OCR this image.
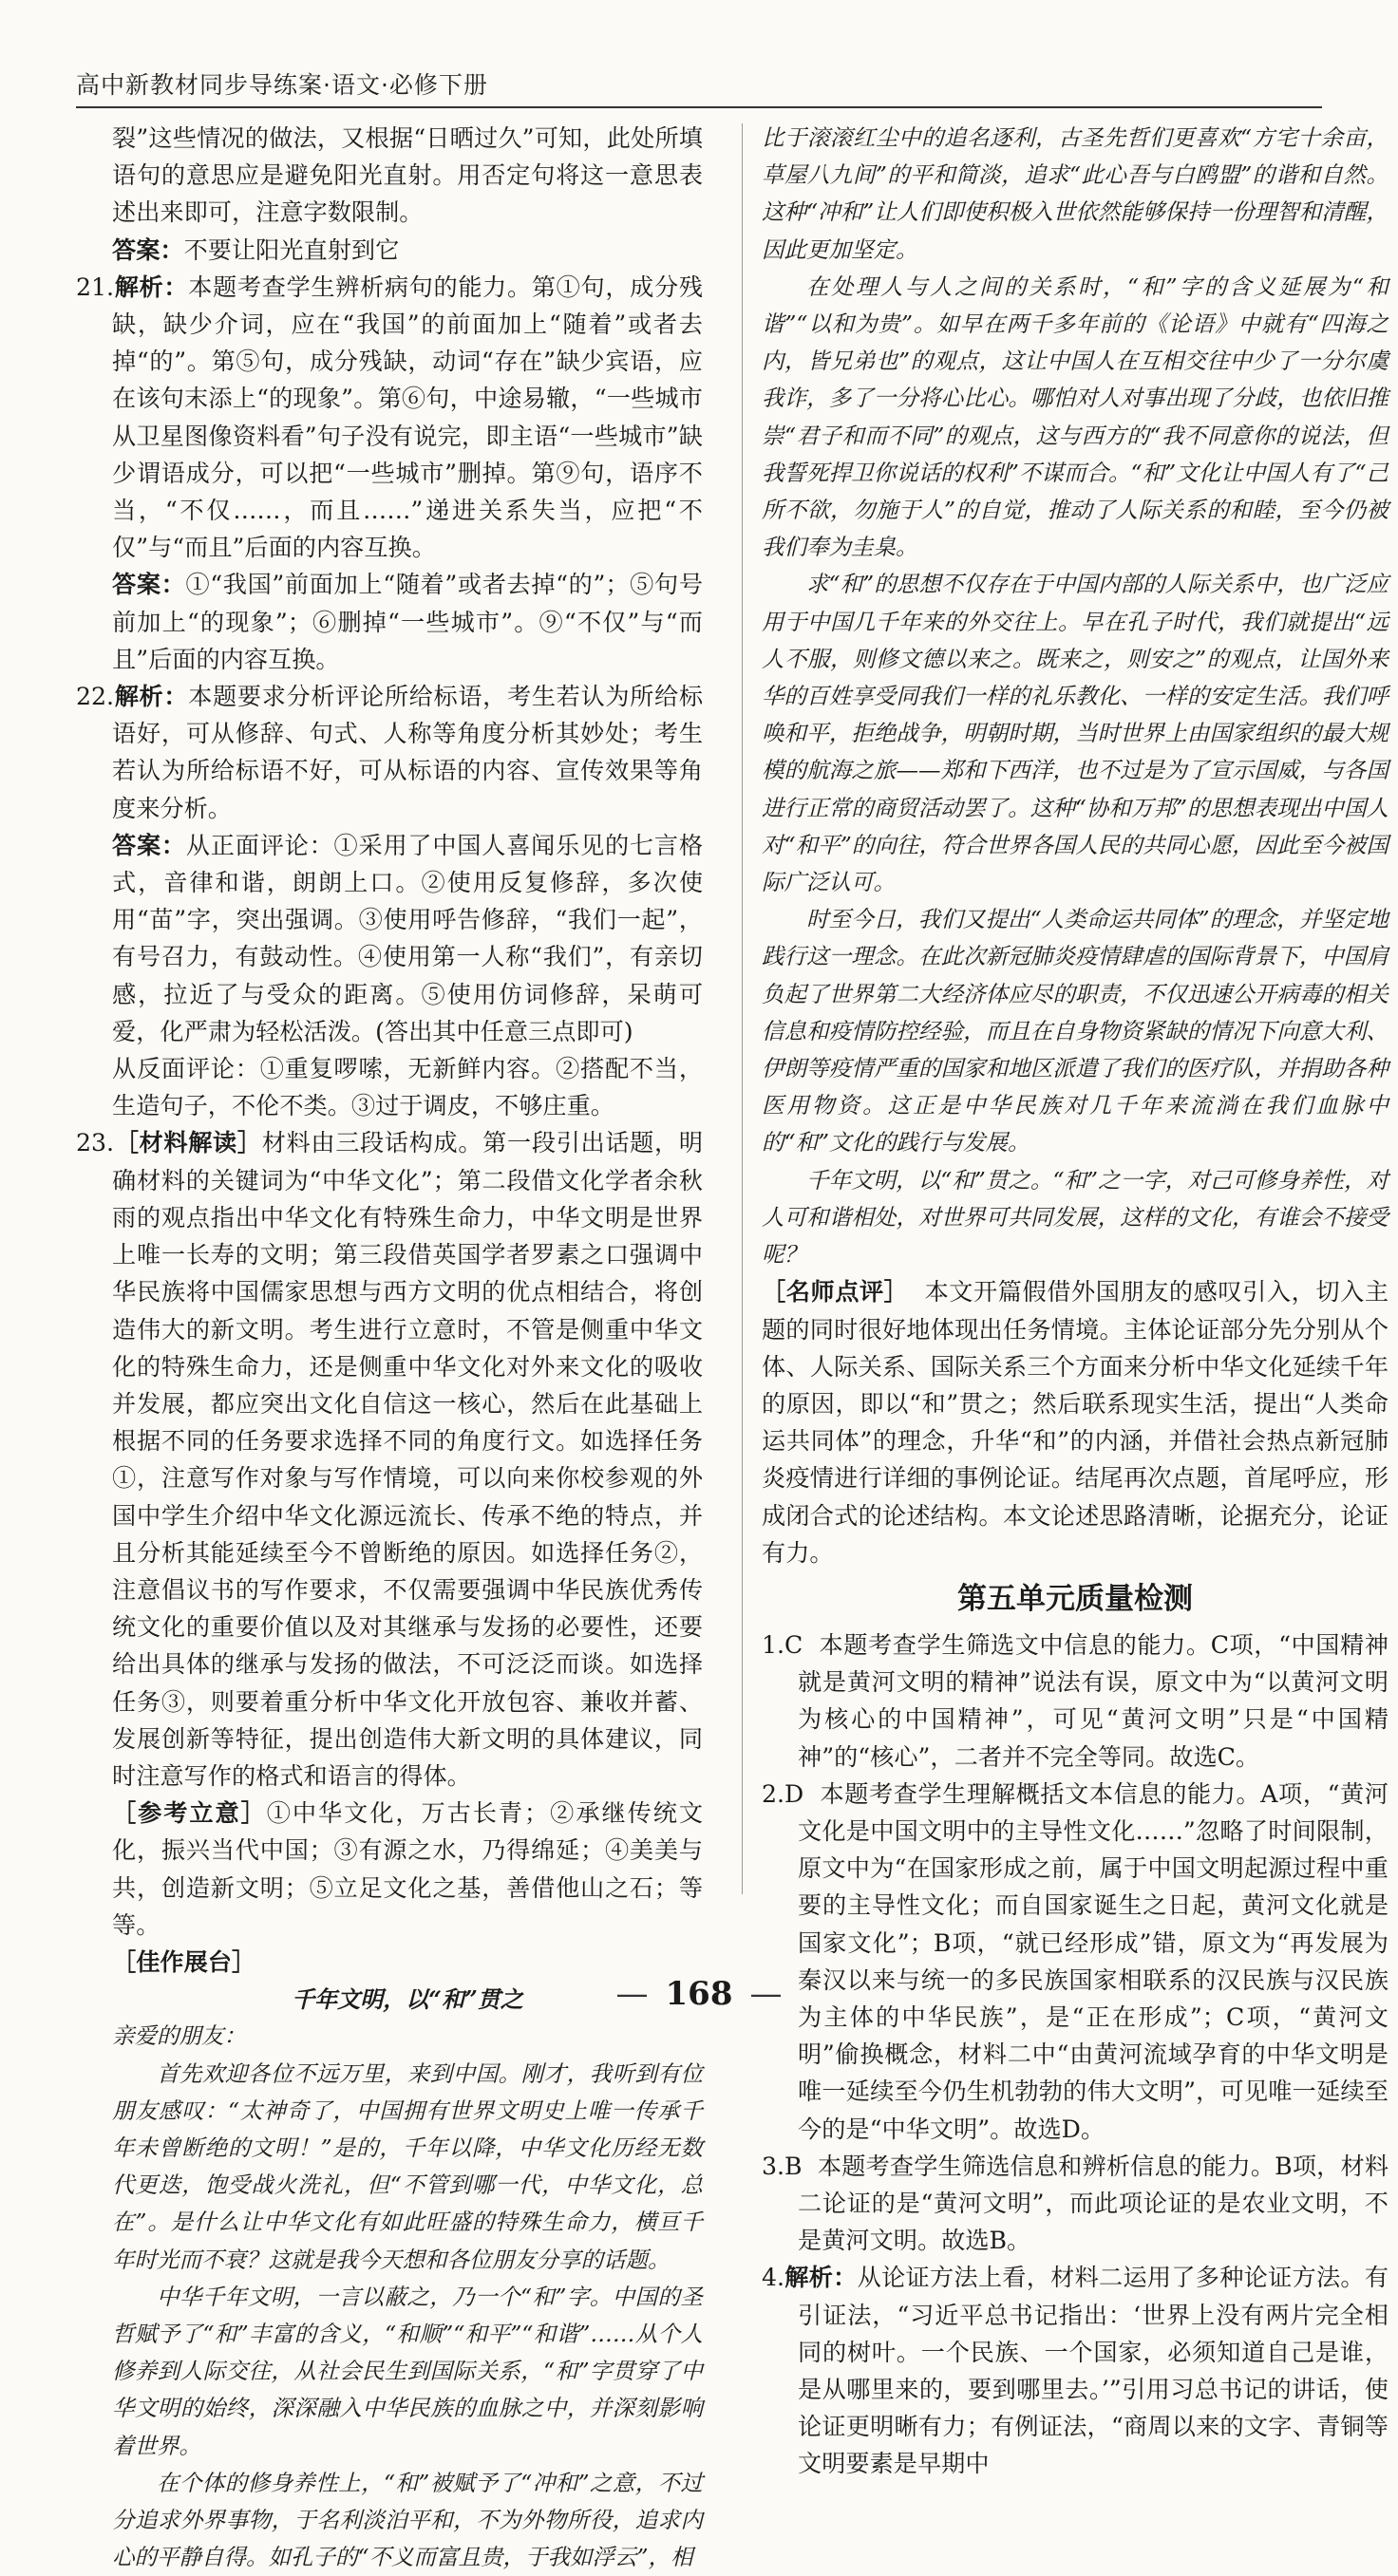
高中新教材同步导练案·语文·必修下册

裂”这些情况的做法，又根据“日晒过久”可知，此处所填语句的意思应是避免阳光直射。用否定句将这一意思表述出来即可，注意字数限制。

答案：不要让阳光直射到它

21.解析：本题考查学生辨析病句的能力。第①句，成分残缺，缺少介词，应在“我国”的前面加上“随着”或者去掉“的”。第⑤句，成分残缺，动词“存在”缺少宾语，应在该句末添上“的现象”。第⑥句，中途易辙，“一些城市从卫星图像资料看”句子没有说完，即主语“一些城市”缺少谓语成分，可以把“一些城市”删掉。第⑨句，语序不当，“不仅……，而且……”递进关系失当，应把“不仅”与“而且”后面的内容互换。

答案：①“我国”前面加上“随着”或者去掉“的”；⑤句号前加上“的现象”；⑥删掉“一些城市”。⑨“不仅”与“而且”后面的内容互换。

22.解析：本题要求分析评论所给标语，考生若认为所给标语好，可从修辞、句式、人称等角度分析其妙处；考生若认为所给标语不好，可从标语的内容、宣传效果等角度来分析。

答案：从正面评论：①采用了中国人喜闻乐见的七言格式，音律和谐，朗朗上口。②使用反复修辞，多次使用“苗”字，突出强调。③使用呼告修辞，“我们一起”，有号召力，有鼓动性。④使用第一人称“我们”，有亲切感，拉近了与受众的距离。⑤使用仿词修辞，呆萌可爱，化严肃为轻松活泼。(答出其中任意三点即可)

从反面评论：①重复啰嗦，无新鲜内容。②搭配不当，生造句子，不伦不类。③过于调皮，不够庄重。

23.［材料解读］材料由三段话构成。第一段引出话题，明确材料的关键词为“中华文化”；第二段借文化学者余秋雨的观点指出中华文化有特殊生命力，中华文明是世界上唯一长寿的文明；第三段借英国学者罗素之口强调中华民族将中国儒家思想与西方文明的优点相结合，将创造伟大的新文明。考生进行立意时，不管是侧重中华文化的特殊生命力，还是侧重中华文化对外来文化的吸收并发展，都应突出文化自信这一核心，然后在此基础上根据不同的任务要求选择不同的角度行文。如选择任务①，注意写作对象与写作情境，可以向来你校参观的外国中学生介绍中华文化源远流长、传承不绝的特点，并且分析其能延续至今不曾断绝的原因。如选择任务②，注意倡议书的写作要求，不仅需要强调中华民族优秀传统文化的重要价值以及对其继承与发扬的必要性，还要给出具体的继承与发扬的做法，不可泛泛而谈。如选择任务③，则要着重分析中华文化开放包容、兼收并蓄、发展创新等特征，提出创造伟大新文明的具体建议，同时注意写作的格式和语言的得体。

［参考立意］①中华文化，万古长青；②承继传统文化，振兴当代中国；③有源之水，乃得绵延；④美美与共，创造新文明；⑤立足文化之基，善借他山之石；等等。

［佳作展台］

千年文明，以“和”贯之

亲爱的朋友：

首先欢迎各位不远万里，来到中国。刚才，我听到有位朋友感叹：“太神奇了，中国拥有世界文明史上唯一传承千年未曾断绝的文明！”是的，千年以降，中华文化历经无数代更迭，饱受战火洗礼，但“不管到哪一代，中华文化，总在”。是什么让中华文化有如此旺盛的特殊生命力，横亘千年时光而不衰？这就是我今天想和各位朋友分享的话题。

中华千年文明，一言以蔽之，乃一个“和”字。中国的圣哲赋予了“和”丰富的含义，“和顺”“和平”“和谐”……从个人修养到人际交往，从社会民生到国际关系，“和”字贯穿了中华文明的始终，深深融入中华民族的血脉之中，并深刻影响着世界。

在个体的修身养性上，“和”被赋予了“冲和”之意，不过分追求外界事物，于名利淡泊平和，不为外物所役，追求内心的平静自得。如孔子的“不义而富且贵，于我如浮云”，相

比于滚滚红尘中的追名逐利，古圣先哲们更喜欢“方宅十余亩，草屋八九间”的平和简淡，追求“此心吾与白鸥盟”的谐和自然。这种“冲和”让人们即使积极入世依然能够保持一份理智和清醒，因此更加坚定。

在处理人与人之间的关系时，“和”字的含义延展为“和谐”“以和为贵”。如早在两千多年前的《论语》中就有“四海之内，皆兄弟也”的观点，这让中国人在互相交往中少了一分尔虞我诈，多了一分将心比心。哪怕对人对事出现了分歧，也依旧推崇“君子和而不同”的观点，这与西方的“我不同意你的说法，但我誓死捍卫你说话的权利”不谋而合。“和”文化让中国人有了“己所不欲，勿施于人”的自觉，推动了人际关系的和睦，至今仍被我们奉为圭臬。

求“和”的思想不仅存在于中国内部的人际关系中，也广泛应用于中国几千年来的外交往上。早在孔子时代，我们就提出“远人不服，则修文德以来之。既来之，则安之”的观点，让国外来华的百姓享受同我们一样的礼乐教化、一样的安定生活。我们呼唤和平，拒绝战争，明朝时期，当时世界上由国家组织的最大规模的航海之旅——郑和下西洋，也不过是为了宣示国威，与各国进行正常的商贸活动罢了。这种“协和万邦”的思想表现出中国人对“和平”的向往，符合世界各国人民的共同心愿，因此至今被国际广泛认可。

时至今日，我们又提出“人类命运共同体”的理念，并坚定地践行这一理念。在此次新冠肺炎疫情肆虐的国际背景下，中国肩负起了世界第二大经济体应尽的职责，不仅迅速公开病毒的相关信息和疫情防控经验，而且在自身物资紧缺的情况下向意大利、伊朗等疫情严重的国家和地区派遣了我们的医疗队，并捐助各种医用物资。这正是中华民族对几千年来流淌在我们血脉中的“和”文化的践行与发展。

千年文明，以“和”贯之。“和”之一字，对己可修身养性，对人可和谐相处，对世界可共同发展，这样的文化，有谁会不接受呢？

［名师点评］ 本文开篇假借外国朋友的感叹引入，切入主题的同时很好地体现出任务情境。主体论证部分先分别从个体、人际关系、国际关系三个方面来分析中华文化延续千年的原因，即以“和”贯之；然后联系现实生活，提出“人类命运共同体”的理念，升华“和”的内涵，并借社会热点新冠肺炎疫情进行详细的事例论证。结尾再次点题，首尾呼应，形成闭合式的论述结构。本文论述思路清晰，论据充分，论证有力。

第五单元质量检测

1.C 本题考查学生筛选文中信息的能力。C项，“中国精神就是黄河文明的精神”说法有误，原文中为“以黄河文明为核心的中国精神”，可见“黄河文明”只是“中国精神”的“核心”，二者并不完全等同。故选C。

2.D 本题考查学生理解概括文本信息的能力。A项，“黄河文化是中国文明中的主导性文化……”忽略了时间限制，原文中为“在国家形成之前，属于中国文明起源过程中重要的主导性文化；而自国家诞生之日起，黄河文化就是国家文化”；B项，“就已经形成”错，原文为“再发展为秦汉以来与统一的多民族国家相联系的汉民族与汉民族为主体的中华民族”，是“正在形成”；C项，“黄河文明”偷换概念，材料二中“由黄河流域孕育的中华文明是唯一延续至今仍生机勃勃的伟大文明”，可见唯一延续至今的是“中华文明”。故选D。

3.B 本题考查学生筛选信息和辨析信息的能力。B项，材料二论证的是“黄河文明”，而此项论证的是农业文明，不是黄河文明。故选B。

4.解析：从论证方法上看，材料二运用了多种论证方法。有引证法，“习近平总书记指出：‘世界上没有两片完全相同的树叶。一个民族、一个国家，必须知道自己是谁，是从哪里来的，要到哪里去。’”引用习总书记的讲话，使论证更明晰有力；有例证法，“商周以来的文字、青铜等文明要素是早期中

— 168 —
